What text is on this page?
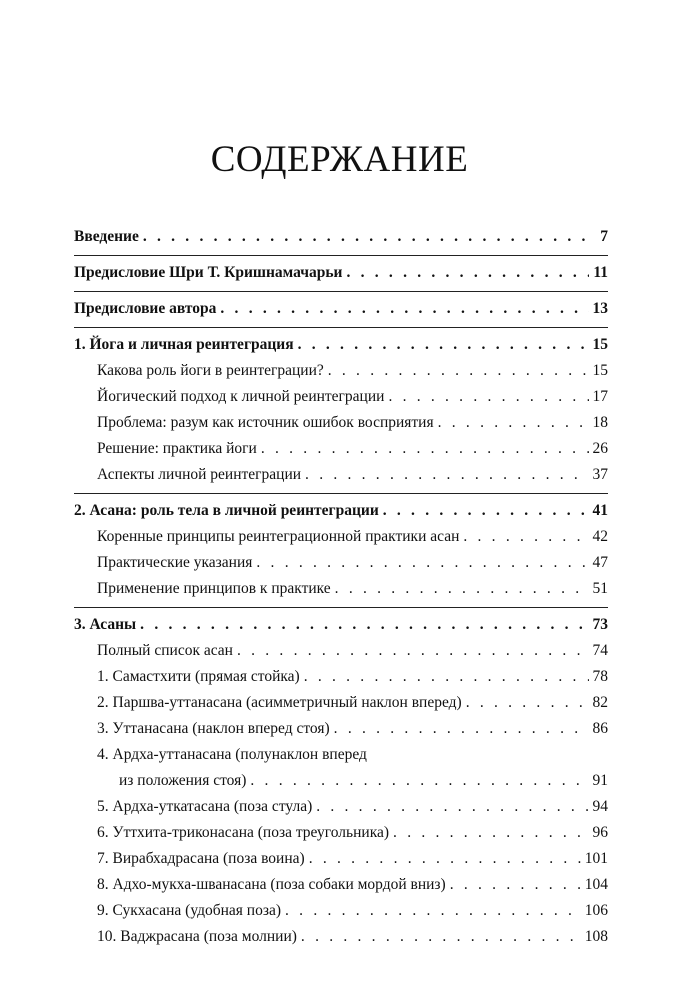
СОДЕРЖАНИЕ
Введение . . .	7
Предисловие Шри Т. Кришнамачарьи . . .	11
Предисловие автора . . .	13
1. Йога и личная реинтеграция . . .	15
Какова роль йоги в реинтеграции? . . .	15
Йогический подход к личной реинтеграции . . .	17
Проблема: разум как источник ошибок восприятия . . .	18
Решение: практика йоги . . .	26
Аспекты личной реинтеграции . . .	37
2. Асана: роль тела в личной реинтеграции . . .	41
Коренные принципы реинтеграционной практики асан . . .	42
Практические указания . . .	47
Применение принципов к практике . . .	51
3. Асаны . . .	73
Полный список асан . . .	74
1. Самастхити (прямая стойка) . . .	78
2. Паршва-уттанасана (асимметричный наклон вперед) . . .	82
3. Уттанасана (наклон вперед стоя) . . .	86
4. Ардха-уттанасана (полунаклон вперед
из положения стоя) . . .	91
5. Ардха-уткатасана (поза стула) . . .	94
6. Уттхита-триконасана (поза треугольника) . . .	96
7. Вирабхадрасана (поза воина) . . .	101
8. Адхо-мукха-шванасана (поза собаки мордой вниз) . . .	104
9. Сукхасана (удобная поза) . . .	106
10. Ваджрасана (поза молнии) . . .	108
